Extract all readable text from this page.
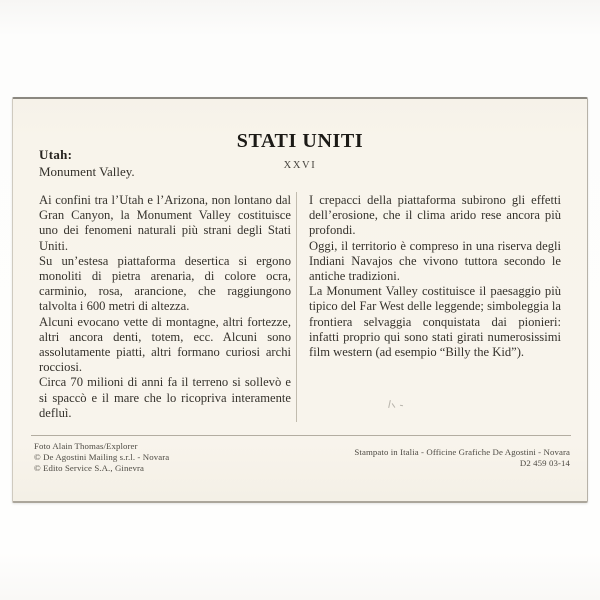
Utah:
Monument Valley.
STATI UNITI
XXVI

Ai confini tra l’Utah e l’Arizona, non lontano dal Gran Canyon, la Monument Valley costituisce uno dei fenomeni naturali più strani degli Stati Uniti.

Su un’estesa piattaforma desertica si ergono monoliti di pietra arenaria, di colore ocra, carminio, rosa, arancione, che raggiungono talvolta i 600 metri di altezza.

Alcuni evocano vette di montagne, altri fortezze, altri ancora denti, totem, ecc. Alcuni sono assolutamente piatti, altri formano curiosi archi rocciosi.

Circa 70 milioni di anni fa il terreno si sollevò e si spaccò e il mare che lo ricopriva interamente defluì.

I crepacci della piattaforma subirono gli effetti dell’erosione, che il clima arido rese ancora più profondi.

Oggi, il territorio è compreso in una riserva degli Indiani Navajos che vivono tuttora secondo le antiche tradizioni.

La Monument Valley costituisce il paesaggio più tipico del Far West delle leggende; simboleggia la frontiera selvaggia conquistata dai pionieri: infatti proprio qui sono stati girati numerosissimi film western (ad esempio “Billy the Kid”).

Foto Alain Thomas/Explorer
© De Agostini Mailing s.r.l. - Novara
© Edito Service S.A., Ginevra
Stampato in Italia - Officine Grafiche De Agostini - Novara
D2 459 03-14
